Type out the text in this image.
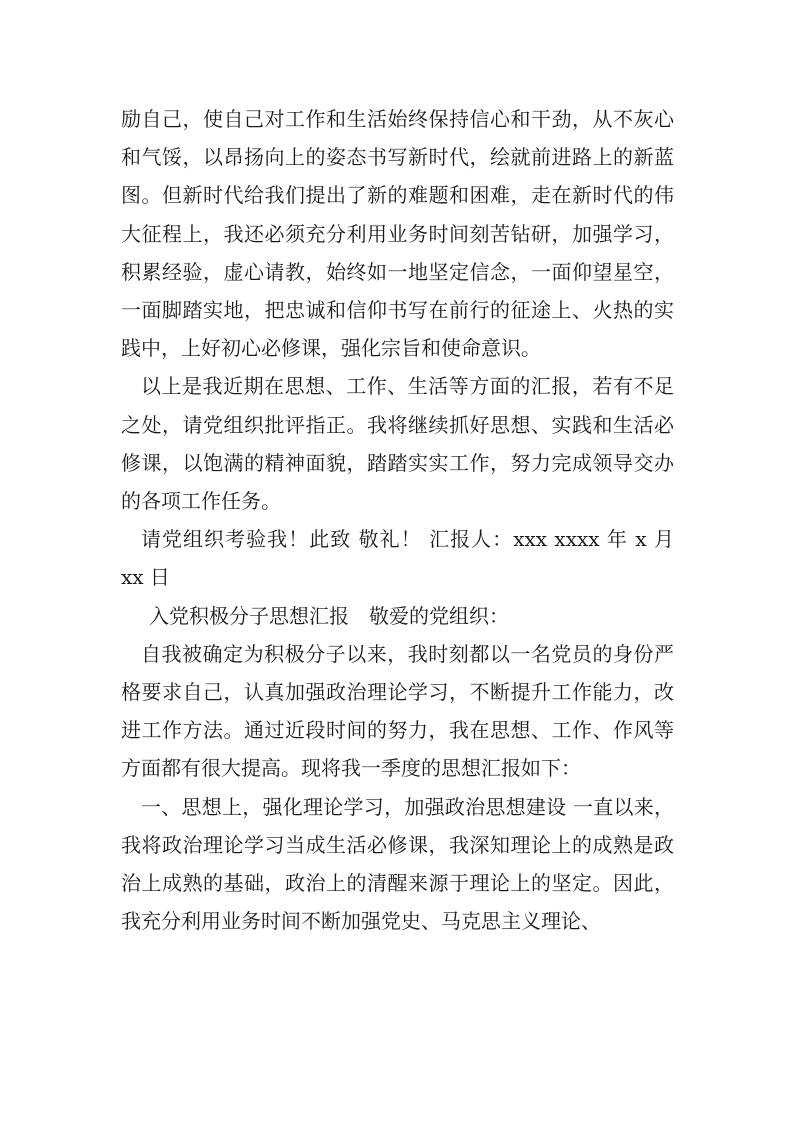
励自己，使自己对工作和生活始终保持信心和干劲，从不灰心和气馁，以昂扬向上的姿态书写新时代，绘就前进路上的新蓝图。但新时代给我们提出了新的难题和困难，走在新时代的伟大征程上，我还必须充分利用业务时间刻苦钻研，加强学习，积累经验，虚心请教，始终如一地坚定信念，一面仰望星空，一面脚踏实地，把忠诚和信仰书写在前行的征途上、火热的实践中，上好初心必修课，强化宗旨和使命意识。

以上是我近期在思想、工作、生活等方面的汇报，若有不足之处，请党组织批评指正。我将继续抓好思想、实践和生活必修课，以饱满的精神面貌，踏踏实实工作，努力完成领导交办的各项工作任务。

请党组织考验我！此致 敬礼！ 汇报人：xxx xxxx 年 x 月 xx 日

入党积极分子思想汇报　敬爱的党组织：

自我被确定为积极分子以来，我时刻都以一名党员的身份严格要求自己，认真加强政治理论学习，不断提升工作能力，改进工作方法。通过近段时间的努力，我在思想、工作、作风等方面都有很大提高。现将我一季度的思想汇报如下：

一、思想上，强化理论学习，加强政治思想建设 一直以来，我将政治理论学习当成生活必修课，我深知理论上的成熟是政治上成熟的基础，政治上的清醒来源于理论上的坚定。因此，我充分利用业务时间不断加强党史、马克思主义理论、
